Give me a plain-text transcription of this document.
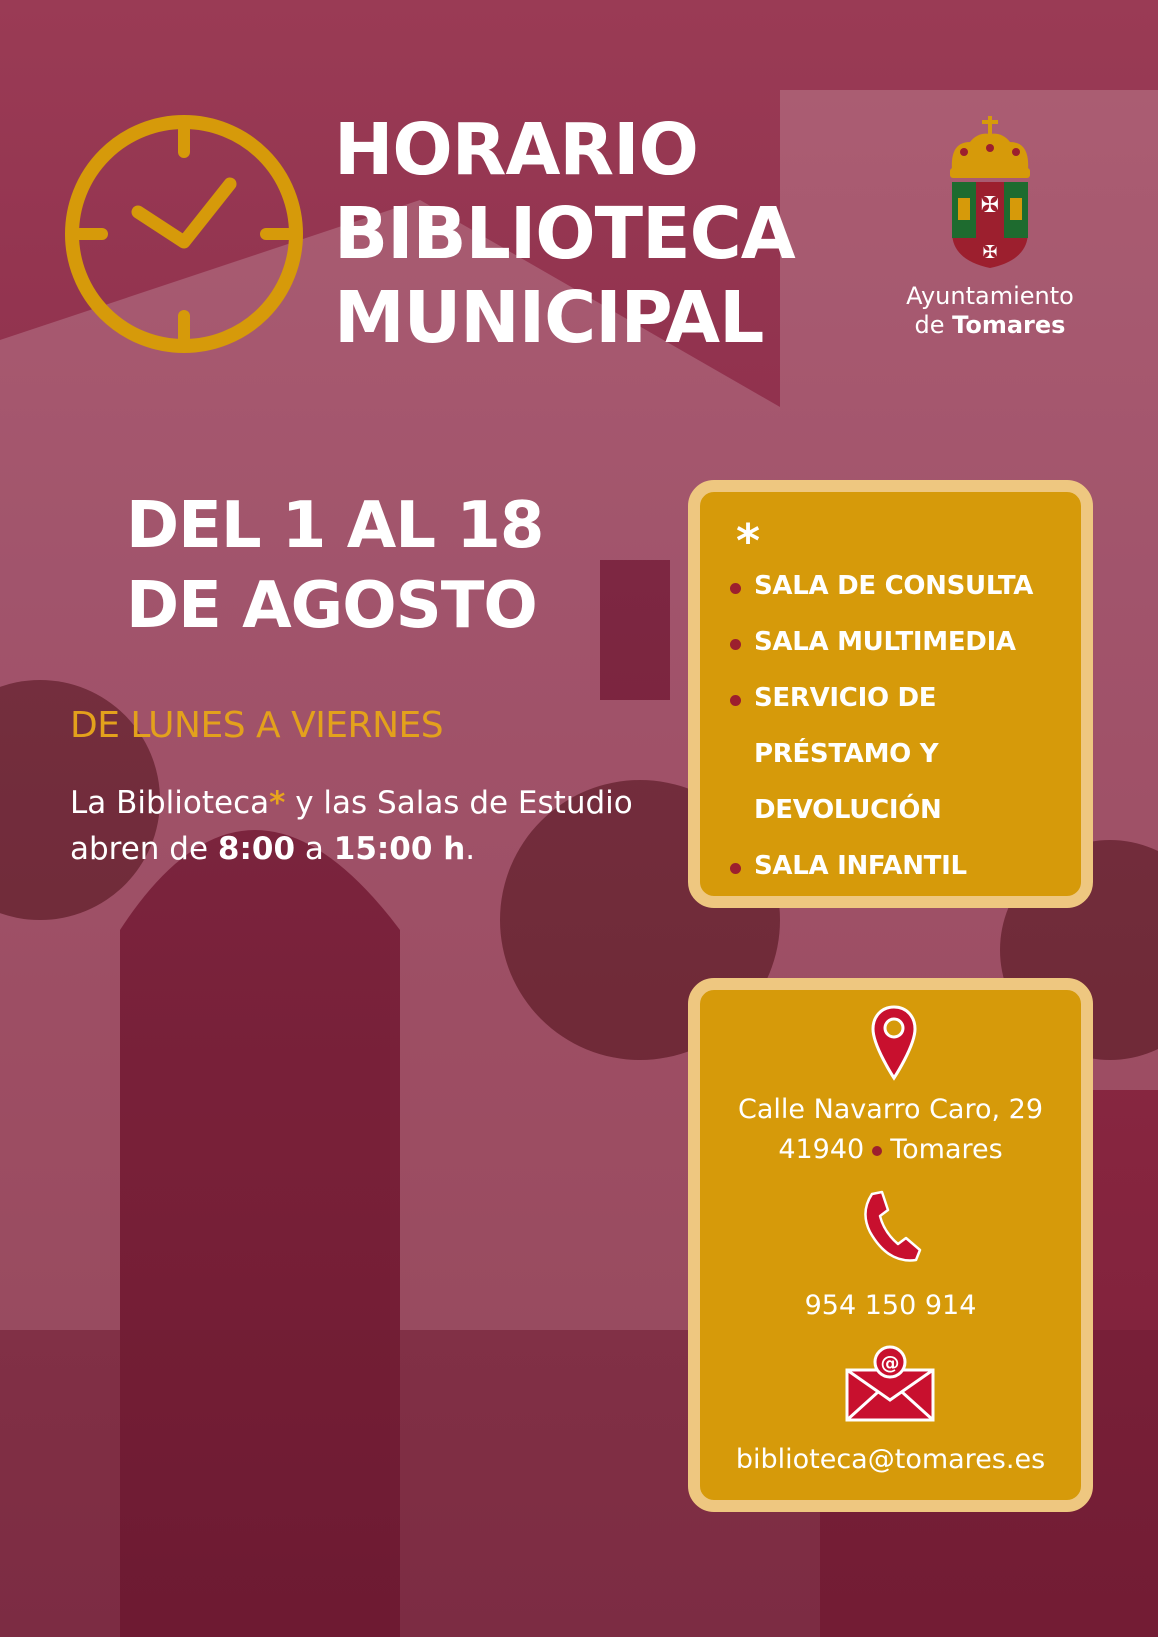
HORARIO
BIBLIOTECA
MUNICIPAL
✠
✠
Ayuntamiento
de Tomares
DEL 1 AL 18
DE AGOSTO
DE LUNES A VIERNES
La Biblioteca* y las Salas de Estudio
abren de 8:00 a 15:00 h.
*
SALA DE CONSULTA
SALA MULTIMEDIA
SERVICIO DE
PRÉSTAMO Y
DEVOLUCIÓN
SALA INFANTIL
Calle Navarro Caro, 29
41940 Tomares
954 150 914
@
biblioteca@tomares.es
